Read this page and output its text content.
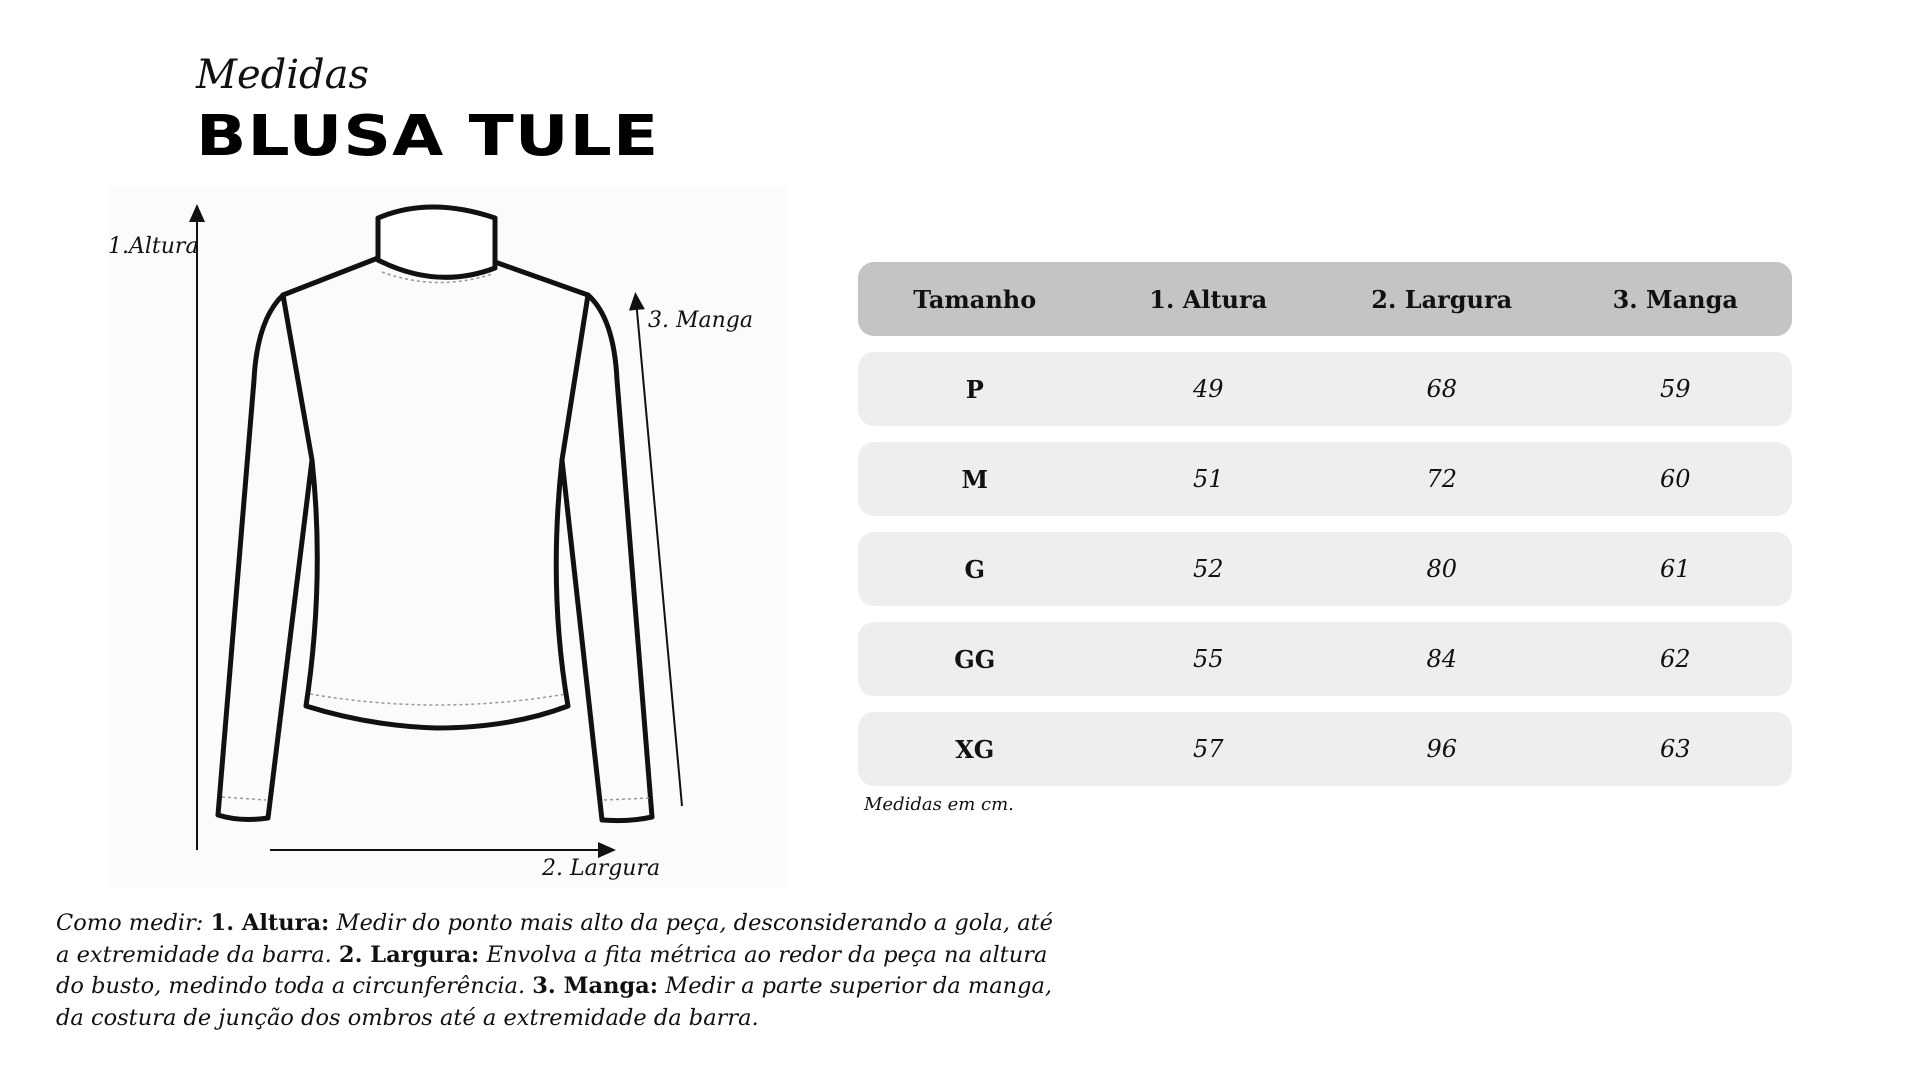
Medidas
BLUSA TULE
1.Altura
3. Manga
2. Largura
Tamanho	1. Altura	2. Largura	3. Manga
P	49	68	59
M	51	72	60
G	52	80	61
GG	55	84	62
XG	57	96	63
Medidas em cm.
Como medir: 1. Altura: Medir do ponto mais alto da peça, desconsiderando a gola, até a extremidade da barra. 2. Largura: Envolva a fita métrica ao redor da peça na altura do busto, medindo toda a circunferência. 3. Manga: Medir a parte superior da manga, da costura de junção dos ombros até a extremidade da barra.
